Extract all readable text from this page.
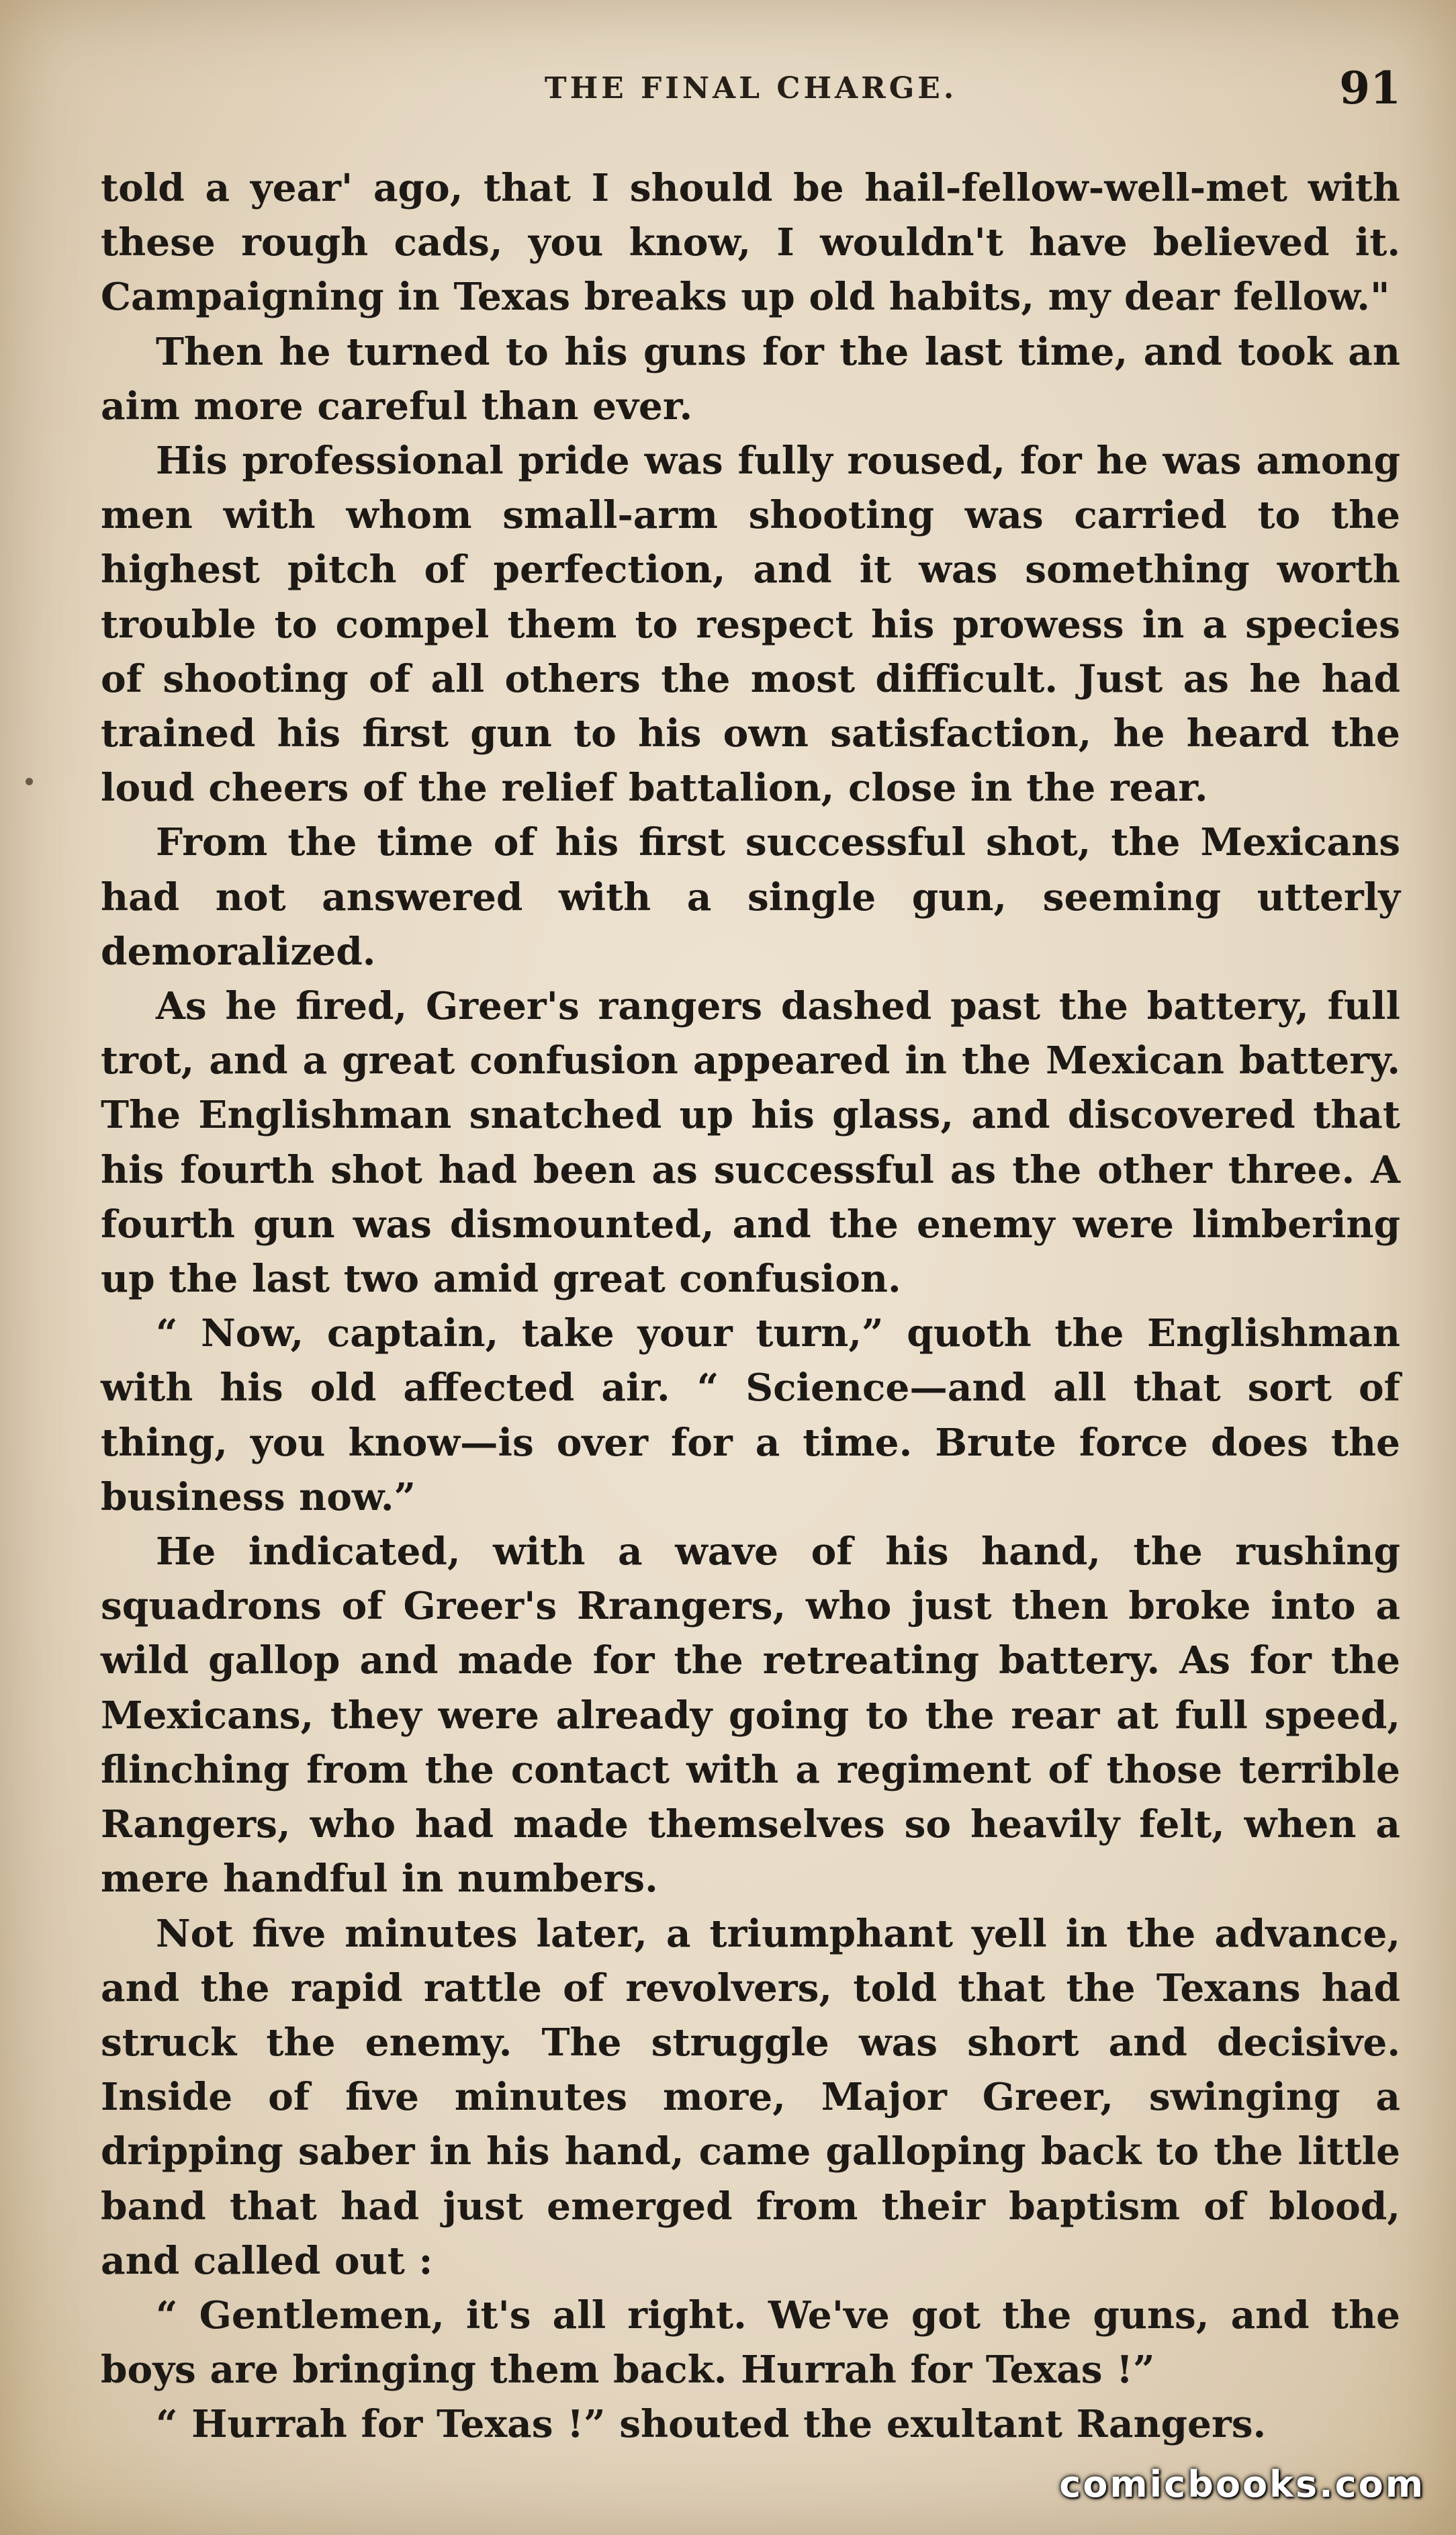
THE FINAL CHARGE.	91

told a year' ago, that I should be hail-fellow-well-met with these rough cads, you know, I wouldn't have believed it. Campaigning in Texas breaks up old habits, my dear fellow."

Then he turned to his guns for the last time, and took an aim more careful than ever.

His professional pride was fully roused, for he was among men with whom small-arm shooting was carried to the highest pitch of perfection, and it was something worth trouble to compel them to respect his prowess in a species of shooting of all others the most difficult. Just as he had trained his first gun to his own satisfaction, he heard the loud cheers of the relief battalion, close in the rear.

From the time of his first successful shot, the Mexicans had not answered with a single gun, seeming utterly demoralized.

As he fired, Greer's rangers dashed past the battery, full trot, and a great confusion appeared in the Mexican battery. The Englishman snatched up his glass, and discovered that his fourth shot had been as successful as the other three. A fourth gun was dismounted, and the enemy were limbering up the last two amid great confusion.

“ Now, captain, take your turn,” quoth the Englishman with his old affected air. “ Science—and all that sort of thing, you know—is over for a time. Brute force does the business now.”

He indicated, with a wave of his hand, the rushing squadrons of Greer's Rrangers, who just then broke into a wild gallop and made for the retreating battery. As for the Mexicans, they were already going to the rear at full speed, flinching from the contact with a regiment of those terrible Rangers, who had made themselves so heavily felt, when a mere handful in numbers.

Not five minutes later, a triumphant yell in the advance, and the rapid rattle of revolvers, told that the Texans had struck the enemy. The struggle was short and decisive. Inside of five minutes more, Major Greer, swinging a dripping saber in his hand, came galloping back to the little band that had just emerged from their baptism of blood, and called out :

“ Gentlemen, it's all right. We've got the guns, and the boys are bringing them back. Hurrah for Texas !”

“ Hurrah for Texas !” shouted the exultant Rangers.

comicbooks.com
